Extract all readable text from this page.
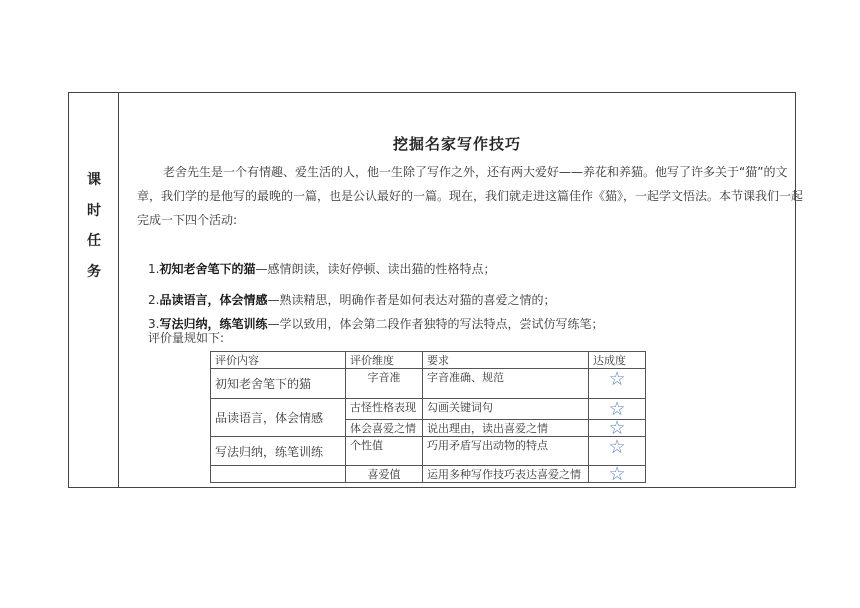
课
时
任
务
挖掘名家写作技巧
老舍先生是一个有情趣、爱生活的人，他一生除了写作之外，还有两大爱好——养花和养猫。他写了许多关于“猫”的文章，我们学的是他写的最晚的一篇，也是公认最好的一篇。现在，我们就走进这篇佳作《猫》，一起学文悟法。本节课我们一起完成一下四个活动:
1.初知老舍笔下的猫—感情朗读，读好停顿、读出猫的性格特点；
2.品读语言，体会情感—熟读精思，明确作者是如何表达对猫的喜爱之情的；
3.写法归纳，练笔训练—学以致用，体会第二段作者独特的写法特点，尝试仿写练笔；
评价量规如下:
评价内容	评价维度	要求	达成度
初知老舍笔下的猫	字音准	字音准确、规范	☆

品读语言，体会情感	古怪性格表现	勾画关键词句	☆

	体会喜爱之情	说出理由，读出喜爱之情	☆

写法归纳，练笔训练	个性值	巧用矛盾写出动物的特点	☆

	喜爱值	运用多种写作技巧表达喜爱之情	☆
